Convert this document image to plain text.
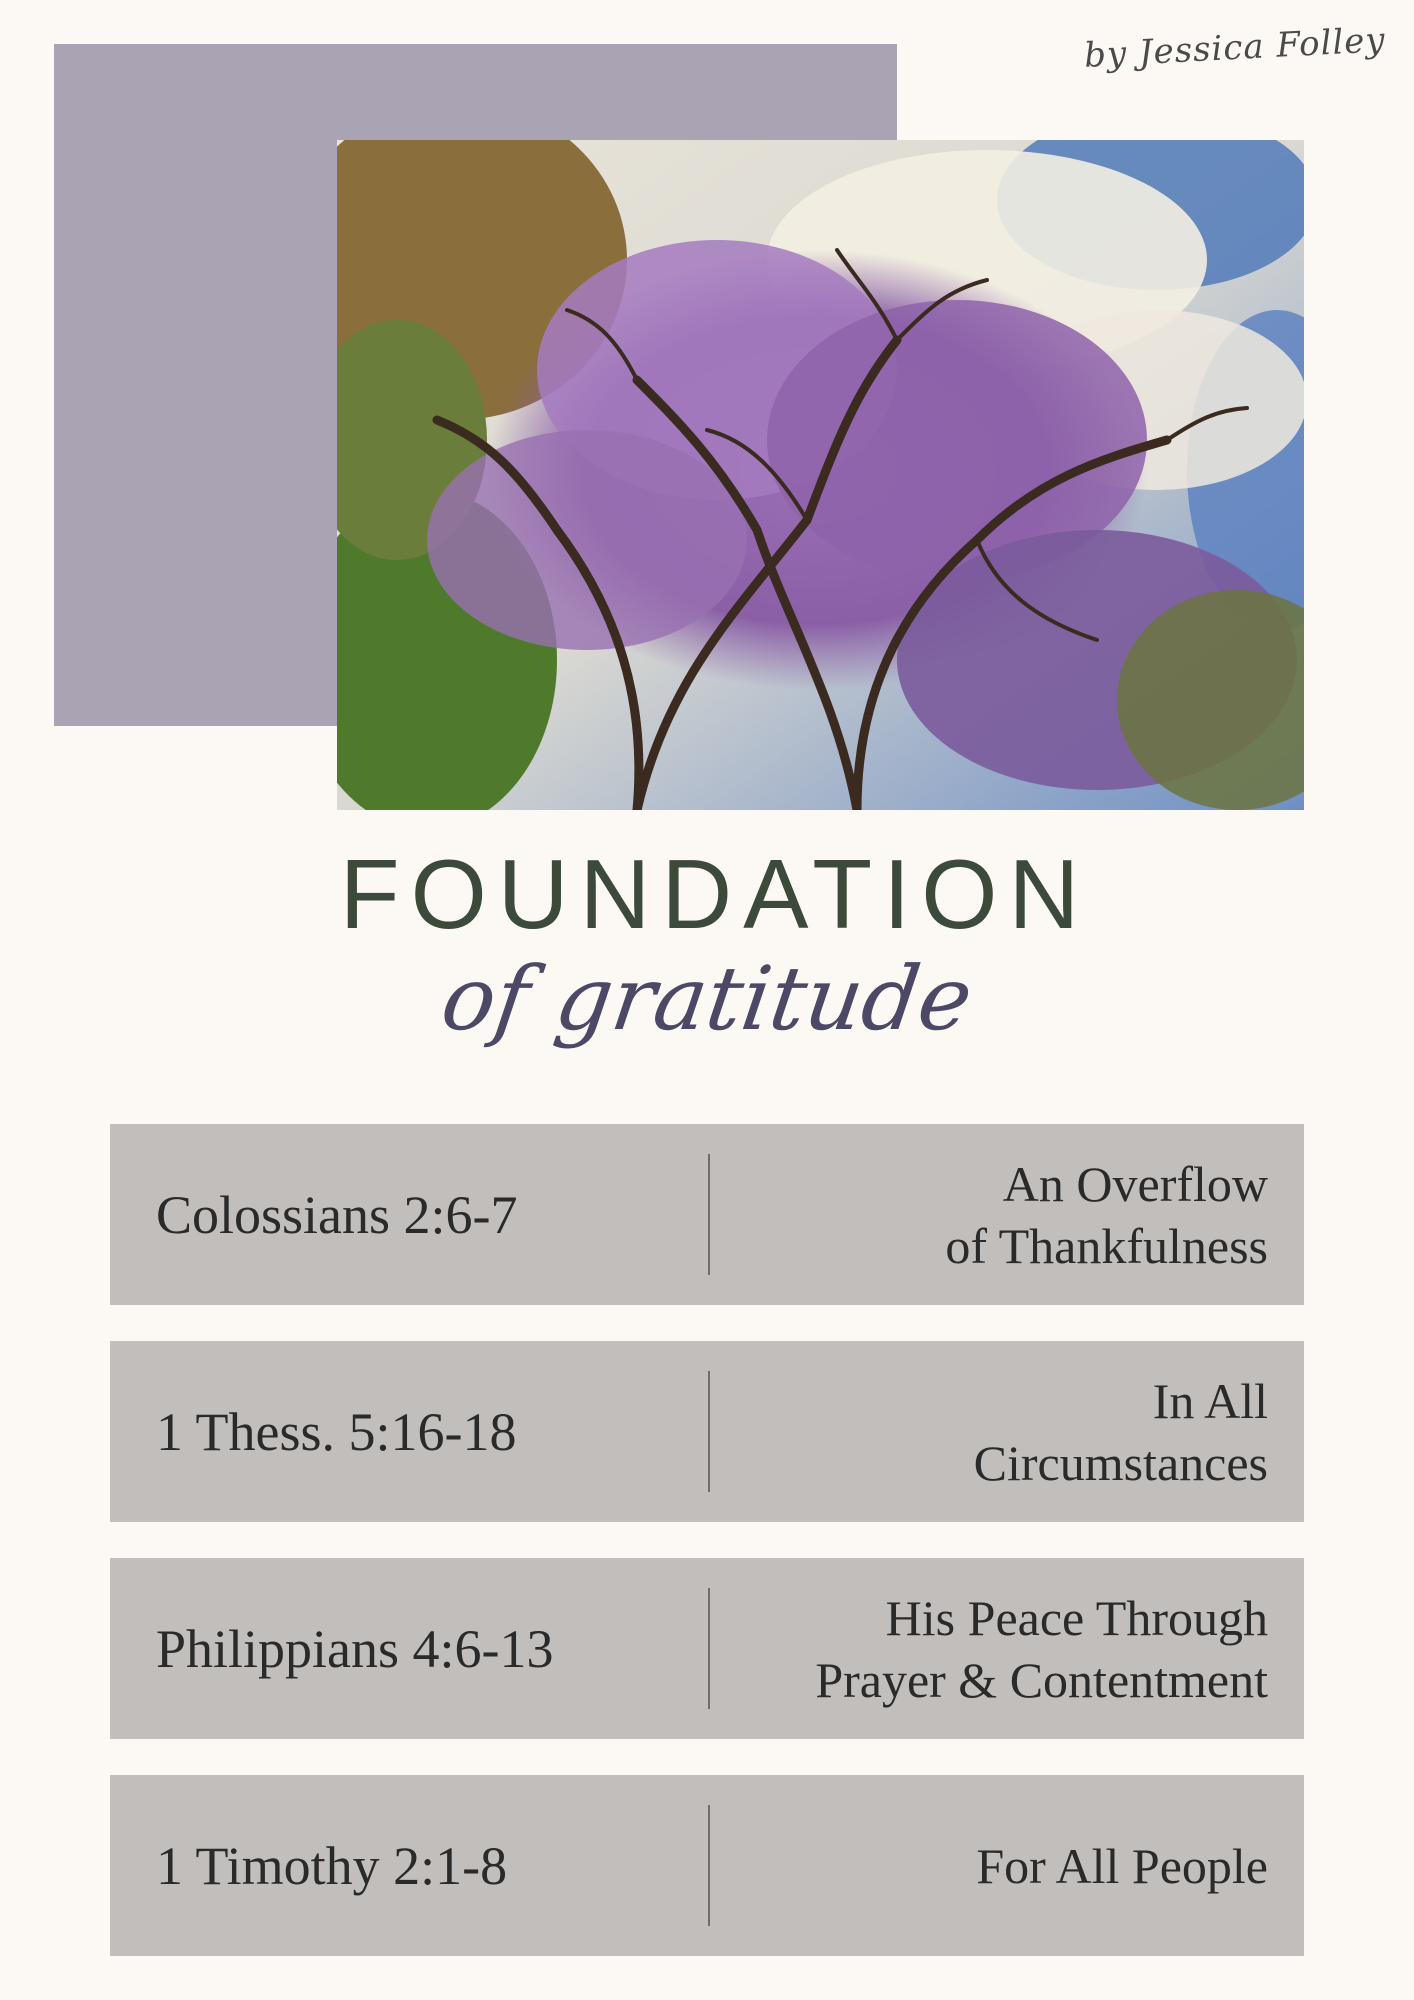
by Jessica Folley
FOUNDATION
of gratitude
Colossians 2:6-7
An Overflow
of Thankfulness
1 Thess. 5:16-18
In All
Circumstances
Philippians 4:6-13
His Peace Through
Prayer & Contentment
1 Timothy 2:1-8	For All People
